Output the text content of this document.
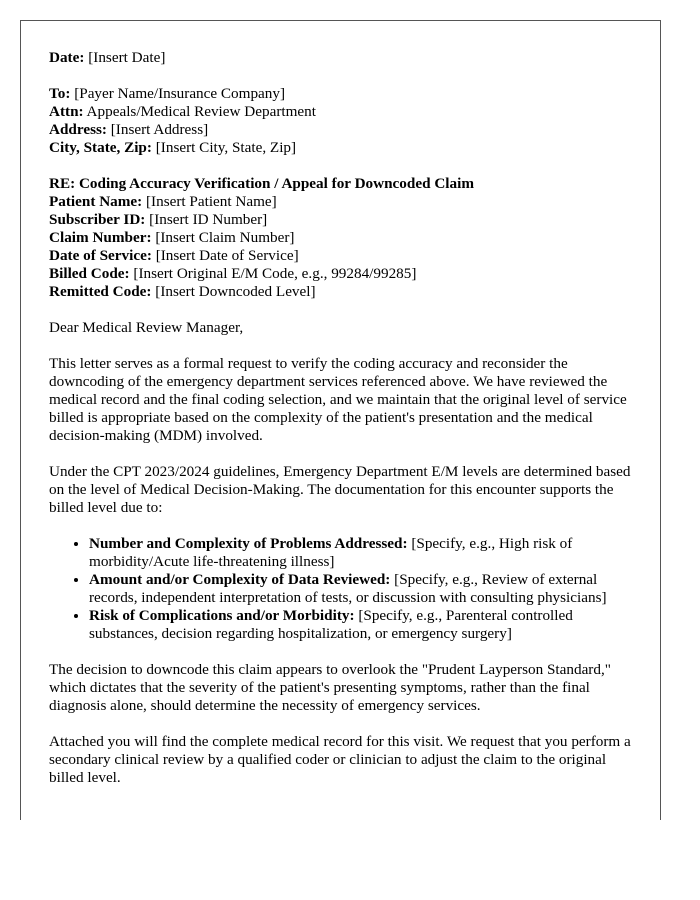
Date: [Insert Date]
To: [Payer Name/Insurance Company]
Attn: Appeals/Medical Review Department
Address: [Insert Address]
City, State, Zip: [Insert City, State, Zip]
RE: Coding Accuracy Verification / Appeal for Downcoded Claim
Patient Name: [Insert Patient Name]
Subscriber ID: [Insert ID Number]
Claim Number: [Insert Claim Number]
Date of Service: [Insert Date of Service]
Billed Code: [Insert Original E/M Code, e.g., 99284/99285]
Remitted Code: [Insert Downcoded Level]

Dear Medical Review Manager,

This letter serves as a formal request to verify the coding accuracy and reconsider the downcoding of the emergency department services referenced above. We have reviewed the medical record and the final coding selection, and we maintain that the original level of service billed is appropriate based on the complexity of the patient's presentation and the medical decision-making (MDM) involved.

Under the CPT 2023/2024 guidelines, Emergency Department E/M levels are determined based on the level of Medical Decision-Making. The documentation for this encounter supports the billed level due to:

• Number and Complexity of Problems Addressed: [Specify, e.g., High risk of morbidity/Acute life-threatening illness]
• Amount and/or Complexity of Data Reviewed: [Specify, e.g., Review of external records, independent interpretation of tests, or discussion with consulting physicians]
• Risk of Complications and/or Morbidity: [Specify, e.g., Parenteral controlled substances, decision regarding hospitalization, or emergency surgery]

The decision to downcode this claim appears to overlook the "Prudent Layperson Standard," which dictates that the severity of the patient's presenting symptoms, rather than the final diagnosis alone, should determine the necessity of emergency services.

Attached you will find the complete medical record for this visit. We request that you perform a secondary clinical review by a qualified coder or clinician to adjust the claim to the original billed level.
